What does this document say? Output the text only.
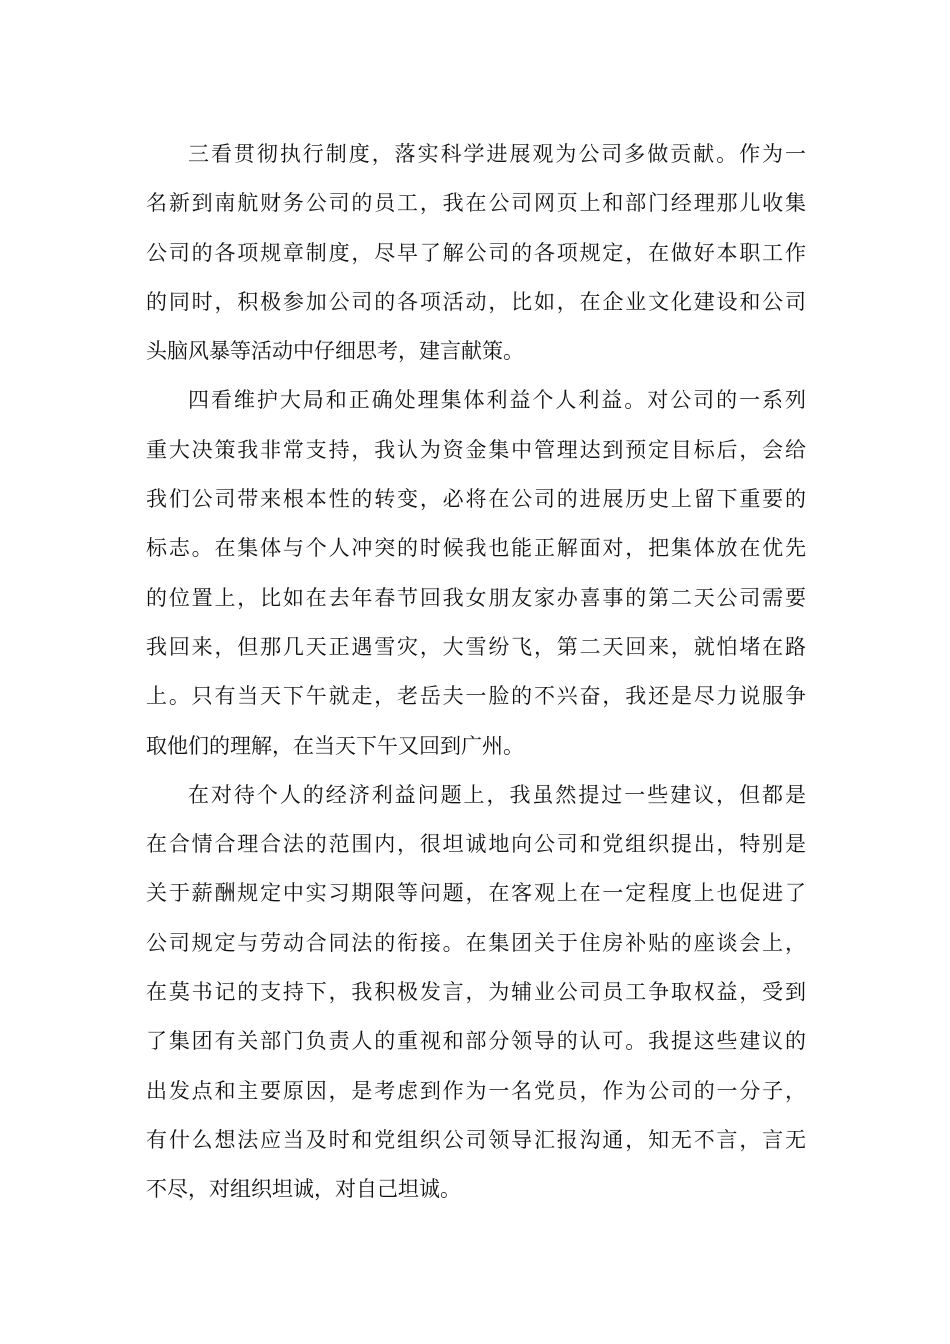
三看贯彻执行制度，落实科学进展观为公司多做贡献。作为一
名新到南航财务公司的员工，我在公司网页上和部门经理那儿收集
公司的各项规章制度，尽早了解公司的各项规定，在做好本职工作
的同时，积极参加公司的各项活动，比如，在企业文化建设和公司
头脑风暴等活动中仔细思考，建言献策。
四看维护大局和正确处理集体利益个人利益。对公司的一系列
重大决策我非常支持，我认为资金集中管理达到预定目标后，会给
我们公司带来根本性的转变，必将在公司的进展历史上留下重要的
标志。在集体与个人冲突的时候我也能正解面对，把集体放在优先
的位置上，比如在去年春节回我女朋友家办喜事的第二天公司需要
我回来，但那几天正遇雪灾，大雪纷飞，第二天回来，就怕堵在路
上。只有当天下午就走，老岳夫一脸的不兴奋，我还是尽力说服争
取他们的理解，在当天下午又回到广州。
在对待个人的经济利益问题上，我虽然提过一些建议，但都是
在合情合理合法的范围内，很坦诚地向公司和党组织提出，特别是
关于薪酬规定中实习期限等问题，在客观上在一定程度上也促进了
公司规定与劳动合同法的衔接。在集团关于住房补贴的座谈会上，
在莫书记的支持下，我积极发言，为辅业公司员工争取权益，受到
了集团有关部门负责人的重视和部分领导的认可。我提这些建议的
出发点和主要原因，是考虑到作为一名党员，作为公司的一分子，
有什么想法应当及时和党组织公司领导汇报沟通，知无不言，言无
不尽，对组织坦诚，对自己坦诚。
